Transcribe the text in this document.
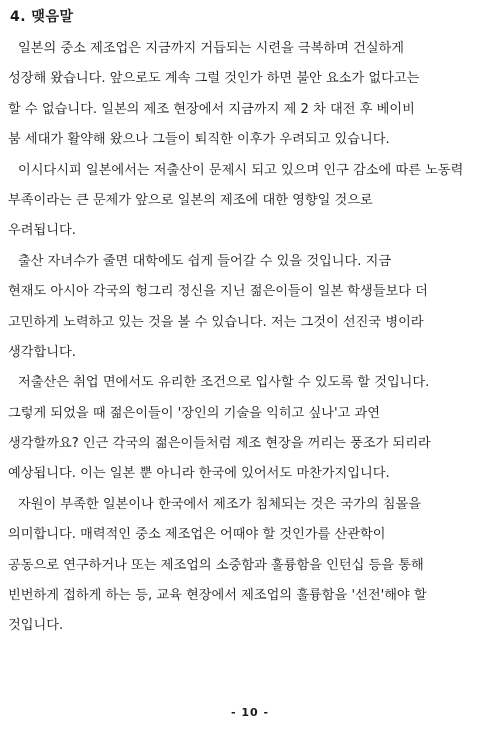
4. 맺음말
일본의 중소 제조업은 지금까지 거듭되는 시련을 극복하며 건실하게
성장해 왔습니다. 앞으로도 계속 그럴 것인가 하면 불안 요소가 없다고는
할 수 없습니다. 일본의 제조 현장에서 지금까지 제 2 차 대전 후 베이비
붐 세대가 활약해 왔으나 그들이 퇴직한 이후가 우려되고 있습니다.
이시다시피 일본에서는 저출산이 문제시 되고 있으며 인구 감소에 따른 노동력
부족이라는 큰 문제가 앞으로 일본의 제조에 대한 영향일 것으로
우려됩니다.
출산 자녀수가 줄면 대학에도 쉽게 들어갈 수 있을 것입니다. 지금
현재도 아시아 각국의 헝그리 정신을 지닌 젊은이들이 일본 학생들보다 더
고민하게 노력하고 있는 것을 볼 수 있습니다. 저는 그것이 선진국 병이라
생각합니다.
저출산은 취업 면에서도 유리한 조건으로 입사할 수 있도록 할 것입니다.
그렇게 되었을 때 젊은이들이 '장인의 기술을 익히고 싶나'고 과연
생각할까요? 인근 각국의 젊은이들처럼 제조 현장을 꺼리는 풍조가 되리라
예상됩니다. 이는 일본 뿐 아니라 한국에 있어서도 마찬가지입니다.
자원이 부족한 일본이나 한국에서 제조가 침체되는 것은 국가의 침몰을
의미합니다. 매력적인 중소 제조업은 어때야 할 것인가를 산관학이
공동으로 연구하거나 또는 제조업의 소중함과 훌륭함을 인턴십 등을 통해
빈번하게 접하게 하는 등, 교육 현장에서 제조업의 훌륭함을 '선전'해야 할
것입니다.
- 10 -
